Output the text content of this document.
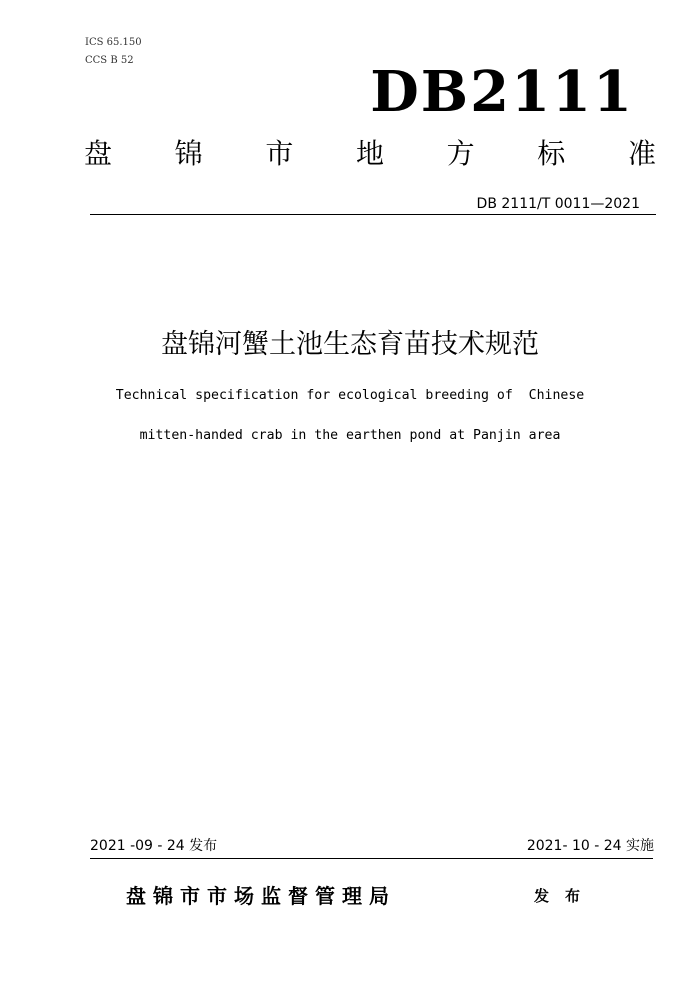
ICS 65.150
CCS B 52	DB2111
盘 锦 市 地 方 标 准
DB 2111/T 0011—2021
盘锦河蟹土池生态育苗技术规范
Technical specification for ecological breeding of  Chinese
mitten-handed crab in the earthen pond at Panjin area
2021 -09 - 24 发布	2021- 10 - 24 实施
盘锦市市场监督管理局	发布
